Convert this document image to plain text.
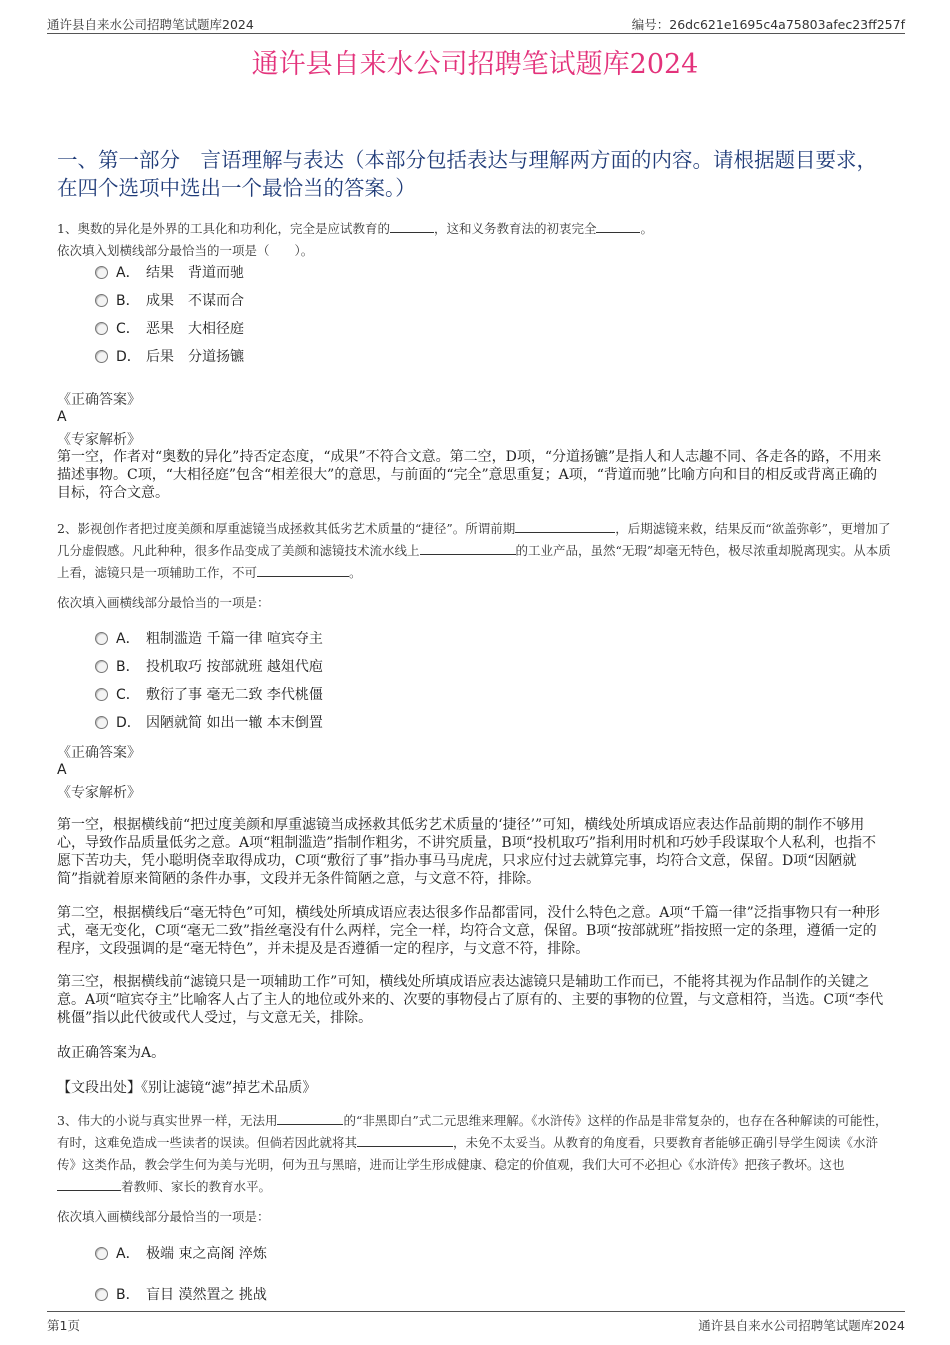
通许县自来水公司招聘笔试题库2024	编号：26dc621e1695c4a75803afec23ff257f
通许县自来水公司招聘笔试题库2024
一、第一部分　言语理解与表达（本部分包括表达与理解两方面的内容。请根据题目要求，在四个选项中选出一个最恰当的答案。）
1、奥数的异化是外界的工具化和功利化，完全是应试教育的	，这和义务教育法的初衷完全	。
依次填入划横线部分最恰当的一项是（　　）。
A． 结果　背道而驰
B． 成果　不谋而合
C． 恶果　大相径庭
D． 后果　分道扬镳
《正确答案》
A
《专家解析》
第一空，作者对“奥数的异化”持否定态度，“成果”不符合文意。第二空，D项，“分道扬镳”是指人和人志趣不同、各走各的路，不用来描述事物。C项，“大相径庭”包含“相差很大”的意思，与前面的“完全”意思重复；A项，“背道而驰”比喻方向和目的相反或背离正确的目标，符合文意。
2、影视创作者把过度美颜和厚重滤镜当成拯救其低劣艺术质量的“捷径”。所谓前期	，后期滤镜来救，结果反而“欲盖弥彰”，更增加了几分虚假感。凡此种种，很多作品变成了美颜和滤镜技术流水线上	的工业产品，虽然“无瑕”却毫无特色，极尽浓重却脱离现实。从本质上看，滤镜只是一项辅助工作，不可	。
依次填入画横线部分最恰当的一项是：
A． 粗制滥造 千篇一律 喧宾夺主
B． 投机取巧 按部就班 越俎代庖
C． 敷衍了事 毫无二致 李代桃僵
D． 因陋就简 如出一辙 本末倒置
《正确答案》
A
《专家解析》
第一空，根据横线前“把过度美颜和厚重滤镜当成拯救其低劣艺术质量的‘捷径’”可知，横线处所填成语应表达作品前期的制作不够用心，导致作品质量低劣之意。A项“粗制滥造”指制作粗劣，不讲究质量，B项“投机取巧”指利用时机和巧妙手段谋取个人私利，也指不愿下苦功夫，凭小聪明侥幸取得成功，C项“敷衍了事”指办事马马虎虎，只求应付过去就算完事，均符合文意，保留。D项“因陋就简”指就着原来简陋的条件办事，文段并无条件简陋之意，与文意不符，排除。
第二空，根据横线后“毫无特色”可知，横线处所填成语应表达很多作品都雷同，没什么特色之意。A项“千篇一律”泛指事物只有一种形式，毫无变化，C项“毫无二致”指丝毫没有什么两样，完全一样，均符合文意，保留。B项“按部就班”指按照一定的条理，遵循一定的程序，文段强调的是“毫无特色”，并未提及是否遵循一定的程序，与文意不符，排除。
第三空，根据横线前“滤镜只是一项辅助工作”可知，横线处所填成语应表达滤镜只是辅助工作而已，不能将其视为作品制作的关键之意。A项“喧宾夺主”比喻客人占了主人的地位或外来的、次要的事物侵占了原有的、主要的事物的位置，与文意相符，当选。C项“李代桃僵”指以此代彼或代人受过，与文意无关，排除。
故正确答案为A。
【文段出处】《别让滤镜“滤”掉艺术品质》
3、伟大的小说与真实世界一样，无法用	的“非黑即白”式二元思维来理解。《水浒传》这样的作品是非常复杂的，也存在各种解读的可能性，有时，这难免造成一些读者的误读。但倘若因此就将其	，未免不太妥当。从教育的角度看，只要教育者能够正确引导学生阅读《水浒传》这类作品，教会学生何为美与光明，何为丑与黑暗，进而让学生形成健康、稳定的价值观，我们大可不必担心《水浒传》把孩子教坏。这也着教师、家长的教育水平。
依次填入画横线部分最恰当的一项是：
A． 极端 束之高阁 淬炼
B． 盲目 漠然置之 挑战
第1页	通许县自来水公司招聘笔试题库2024
